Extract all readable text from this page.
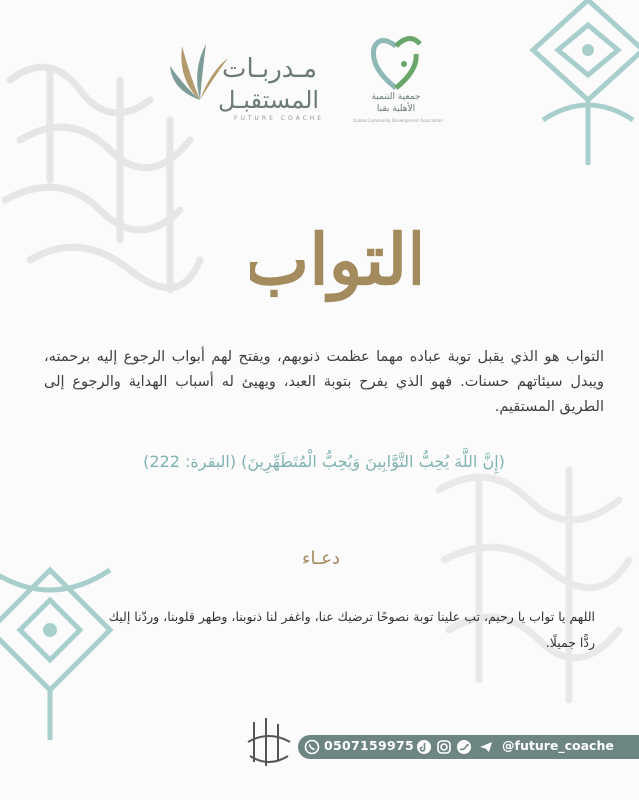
مـدربـات
المستقبـل
FUTURE COACHE
جمعية التنمية
الأهلية بقبا
Qubaa Community Development Association
التواب

التواب هو الذي يقبل توبة عباده مهما عظمت ذنوبهم، ويفتح لهم أبواب الرجوع إليه برحمته، ويبدل سيئاتهم حسنات. فهو الذي يفرح بتوبة العبد، ويهيئ له أسباب الهداية والرجوع إلى الطريق المستقيم.

(إِنَّ اللَّهَ يُحِبُّ التَّوَّابِينَ وَيُحِبُّ الْمُتَطَهِّرِينَ) (البقرة: 222)

دعـاء

اللهم يا تواب يا رحيم، تب علينا توبة نصوحًا ترضيك عنا، واغفر لنا ذنوبنا، وطهر قلوبنا، وردّنا إليك ردًّا جميلًا.

0507159975	@future_coache
